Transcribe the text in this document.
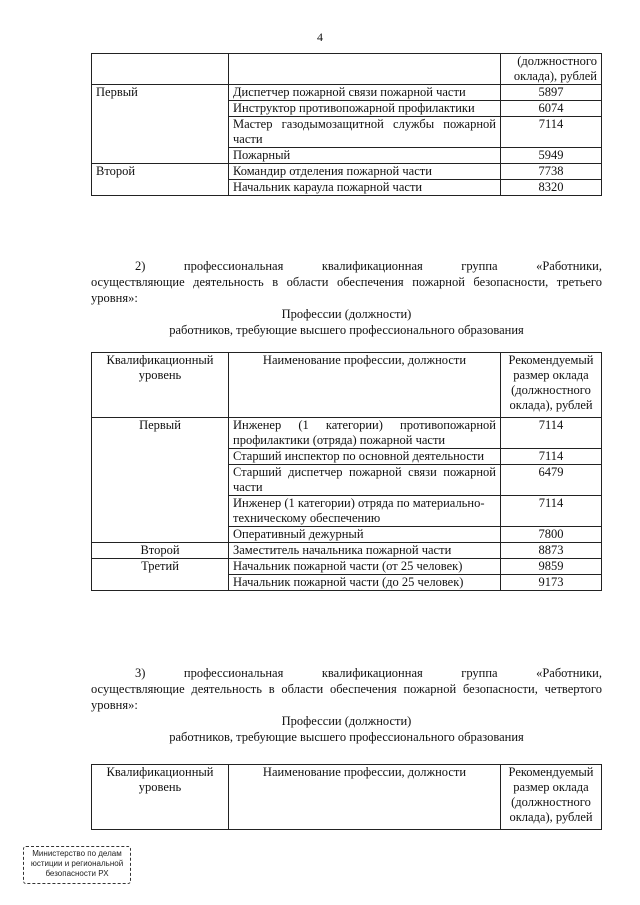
4

		(должностного
оклада), рублей

Первый	Диспетчер пожарной связи пожарной части	5897
	Инструктор противопожарной профилактики	6074
	Мастер газодымозащитной службы пожарной части	7114
	Пожарный	5949
Второй	Командир отделения пожарной части	7738
	Начальник караула пожарной части	8320
2) профессиональная квалификационная группа «Работники,
осуществляющие деятельность в области обеспечения пожарной безопасности, третьего уровня»:
Профессии (должности)
работников, требующие высшего профессионального образования
Квалификационный уровень	Наименование профессии, должности	Рекомендуемый размер оклада (должностного оклада), рублей
Первый	Инженер (1 категории) противопожарной профилактики (отряда) пожарной части	7114
	Старший инспектор по основной деятельности	7114
	Старший диспетчер пожарной связи пожарной части	6479
	Инженер (1 категории) отряда по материально-техническому обеспечению	7114
	Оперативный дежурный	7800
Второй	Заместитель начальника пожарной части	8873
Третий	Начальник пожарной части (от 25 человек)	9859
	Начальник пожарной части (до 25 человек)	9173
3) профессиональная квалификационная группа «Работники,
осуществляющие деятельность в области обеспечения пожарной безопасности, четвертого уровня»:
Профессии (должности)
работников, требующие высшего профессионального образования
Квалификационный уровень	Наименование профессии, должности	Рекомендуемый размер оклада (должностного оклада), рублей
Министерство по делам
юстиции и региональной
безопасности РХ
